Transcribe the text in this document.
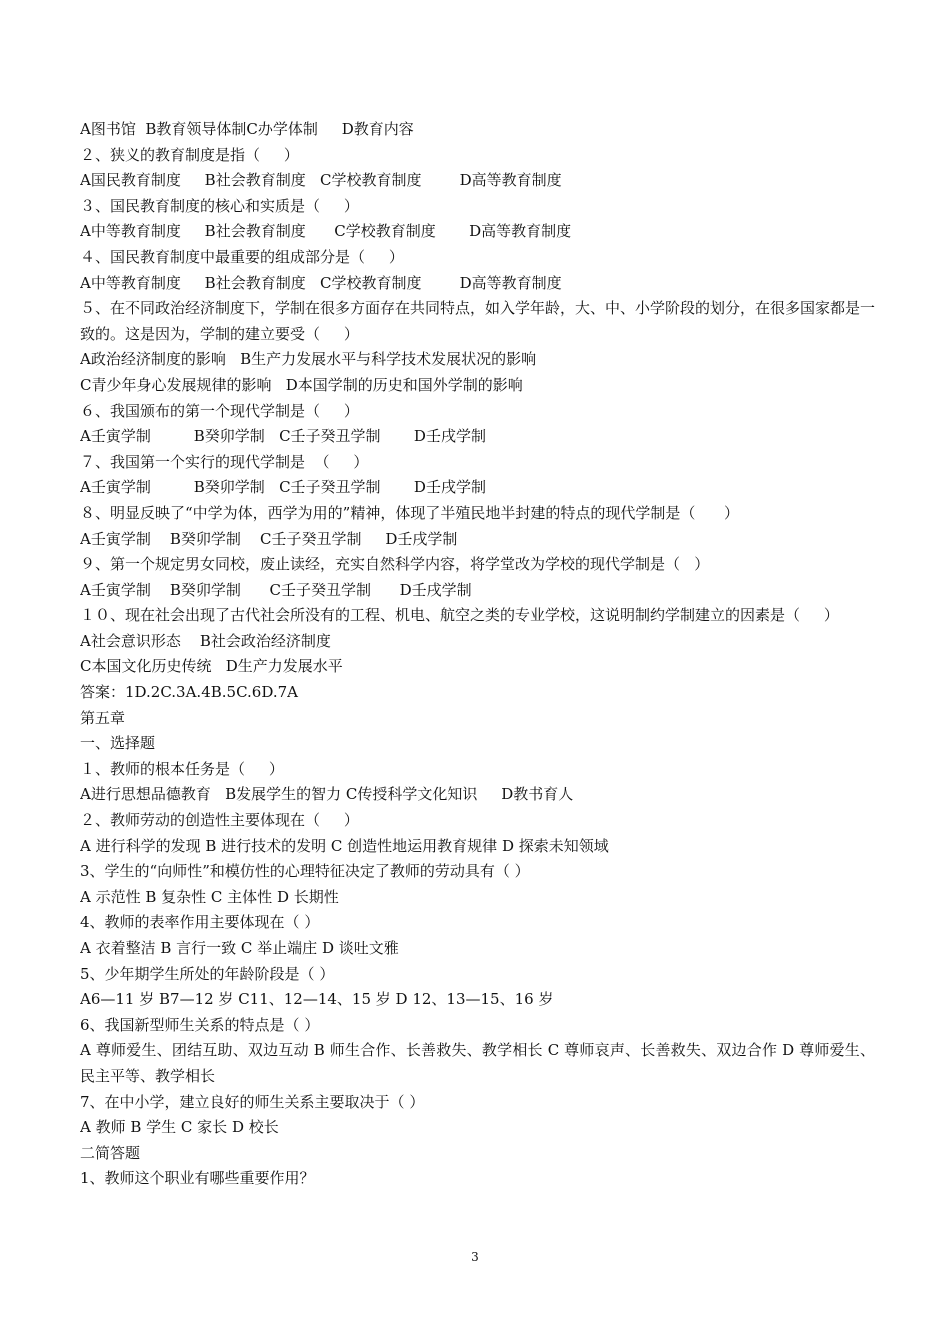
A图书馆  B教育领导体制C办学体制     D教育内容
２、狭义的教育制度是指（     ）
A国民教育制度     B社会教育制度   C学校教育制度        D高等教育制度
３、国民教育制度的核心和实质是（     ）
A中等教育制度     B社会教育制度      C学校教育制度       D高等教育制度
４、国民教育制度中最重要的组成部分是（     ）
A中等教育制度     B社会教育制度   C学校教育制度        D高等教育制度
５、在不同政治经济制度下，学制在很多方面存在共同特点，如入学年龄，大、中、小学阶段的划分，在很多国家都是一致的。这是因为，学制的建立要受（     ）
A政治经济制度的影响   B生产力发展水平与科学技术发展状况的影响
C青少年身心发展规律的影响   D本国学制的历史和国外学制的影响
６、我国颁布的第一个现代学制是（     ）
A壬寅学制         B癸卯学制   C壬子癸丑学制       D壬戌学制
７、我国第一个实行的现代学制是  （     ）
A壬寅学制         B癸卯学制   C壬子癸丑学制       D壬戌学制
８、明显反映了“中学为体，西学为用的”精神，体现了半殖民地半封建的特点的现代学制是（      ）
A壬寅学制    B癸卯学制    C壬子癸丑学制     D壬戌学制
９、第一个规定男女同校，废止读经，充实自然科学内容，将学堂改为学校的现代学制是（   ）
A壬寅学制    B癸卯学制      C壬子癸丑学制      D壬戌学制
１０、现在社会出现了古代社会所没有的工程、机电、航空之类的专业学校，这说明制约学制建立的因素是（     ）
A社会意识形态    B社会政治经济制度
C本国文化历史传统   D生产力发展水平
答案：1D.2C.3A.4B.5C.6D.7A
第五章
一、选择题
１、教师的根本任务是（     ）
A进行思想品德教育   B发展学生的智力 C传授科学文化知识     D教书育人
２、教师劳动的创造性主要体现在（     ）
A 进行科学的发现 B 进行技术的发明 C 创造性地运用教育规律 D 探索未知领域
3、学生的“向师性”和模仿性的心理特征决定了教师的劳动具有（ ）
A 示范性 B 复杂性 C 主体性 D 长期性
4、教师的表率作用主要体现在（ ）
A 衣着整洁 B 言行一致 C 举止端庄 D 谈吐文雅
5、少年期学生所处的年龄阶段是（ ）
A6—11 岁 B7—12 岁 C11、12—14、15 岁 D 12、13—15、16 岁
6、我国新型师生关系的特点是（ ）
A 尊师爱生、团结互助、双边互动 B 师生合作、长善救失、教学相长 C 尊师哀声、长善救失、双边合作 D 尊师爱生、民主平等、教学相长
7、在中小学，建立良好的师生关系主要取决于（ ）
A 教师 B 学生 C 家长 D 校长
二简答题
1、教师这个职业有哪些重要作用？
3
